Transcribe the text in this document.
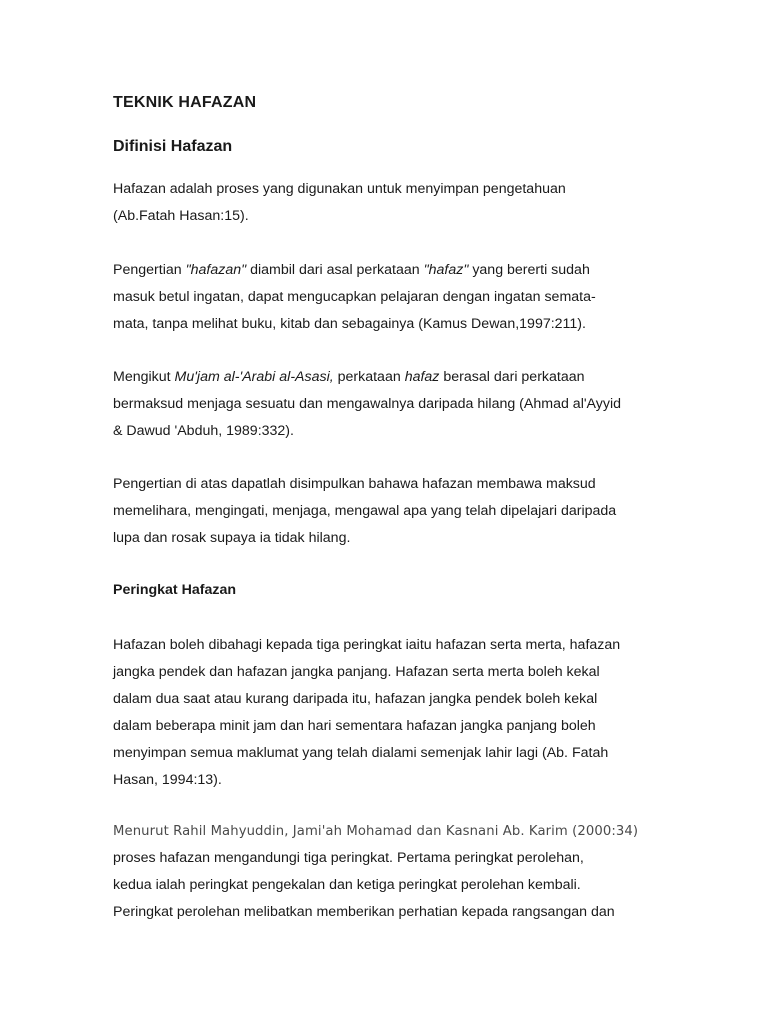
TEKNIK HAFAZAN
Difinisi Hafazan
Hafazan adalah proses yang digunakan untuk menyimpan pengetahuan
(Ab.Fatah Hasan:15).
Pengertian "hafazan" diambil dari asal perkataan "hafaz" yang bererti sudah
masuk betul ingatan, dapat mengucapkan pelajaran dengan ingatan semata-
mata, tanpa melihat buku, kitab dan sebagainya (Kamus Dewan,1997:211).
Mengikut Mu'jam al-'Arabi al-Asasi, perkataan hafaz berasal dari perkataan
bermaksud menjaga sesuatu dan mengawalnya daripada hilang (Ahmad al'Ayyid
& Dawud 'Abduh, 1989:332).
Pengertian di atas dapatlah disimpulkan bahawa hafazan membawa maksud
memelihara, mengingati, menjaga, mengawal apa yang telah dipelajari daripada
lupa dan rosak supaya ia tidak hilang.
Peringkat Hafazan
Hafazan boleh dibahagi kepada tiga peringkat iaitu hafazan serta merta, hafazan
jangka pendek dan hafazan jangka panjang. Hafazan serta merta boleh kekal
dalam dua saat atau kurang daripada itu, hafazan jangka pendek boleh kekal
dalam beberapa minit jam dan hari sementara hafazan jangka panjang boleh
menyimpan semua maklumat yang telah dialami semenjak lahir lagi (Ab. Fatah
Hasan, 1994:13).
Menurut Rahil Mahyuddin, Jami'ah Mohamad dan Kasnani Ab. Karim (2000:34)
proses hafazan mengandungi tiga peringkat. Pertama peringkat perolehan,
kedua ialah peringkat pengekalan dan ketiga peringkat perolehan kembali.
Peringkat perolehan melibatkan memberikan perhatian kepada rangsangan dan
